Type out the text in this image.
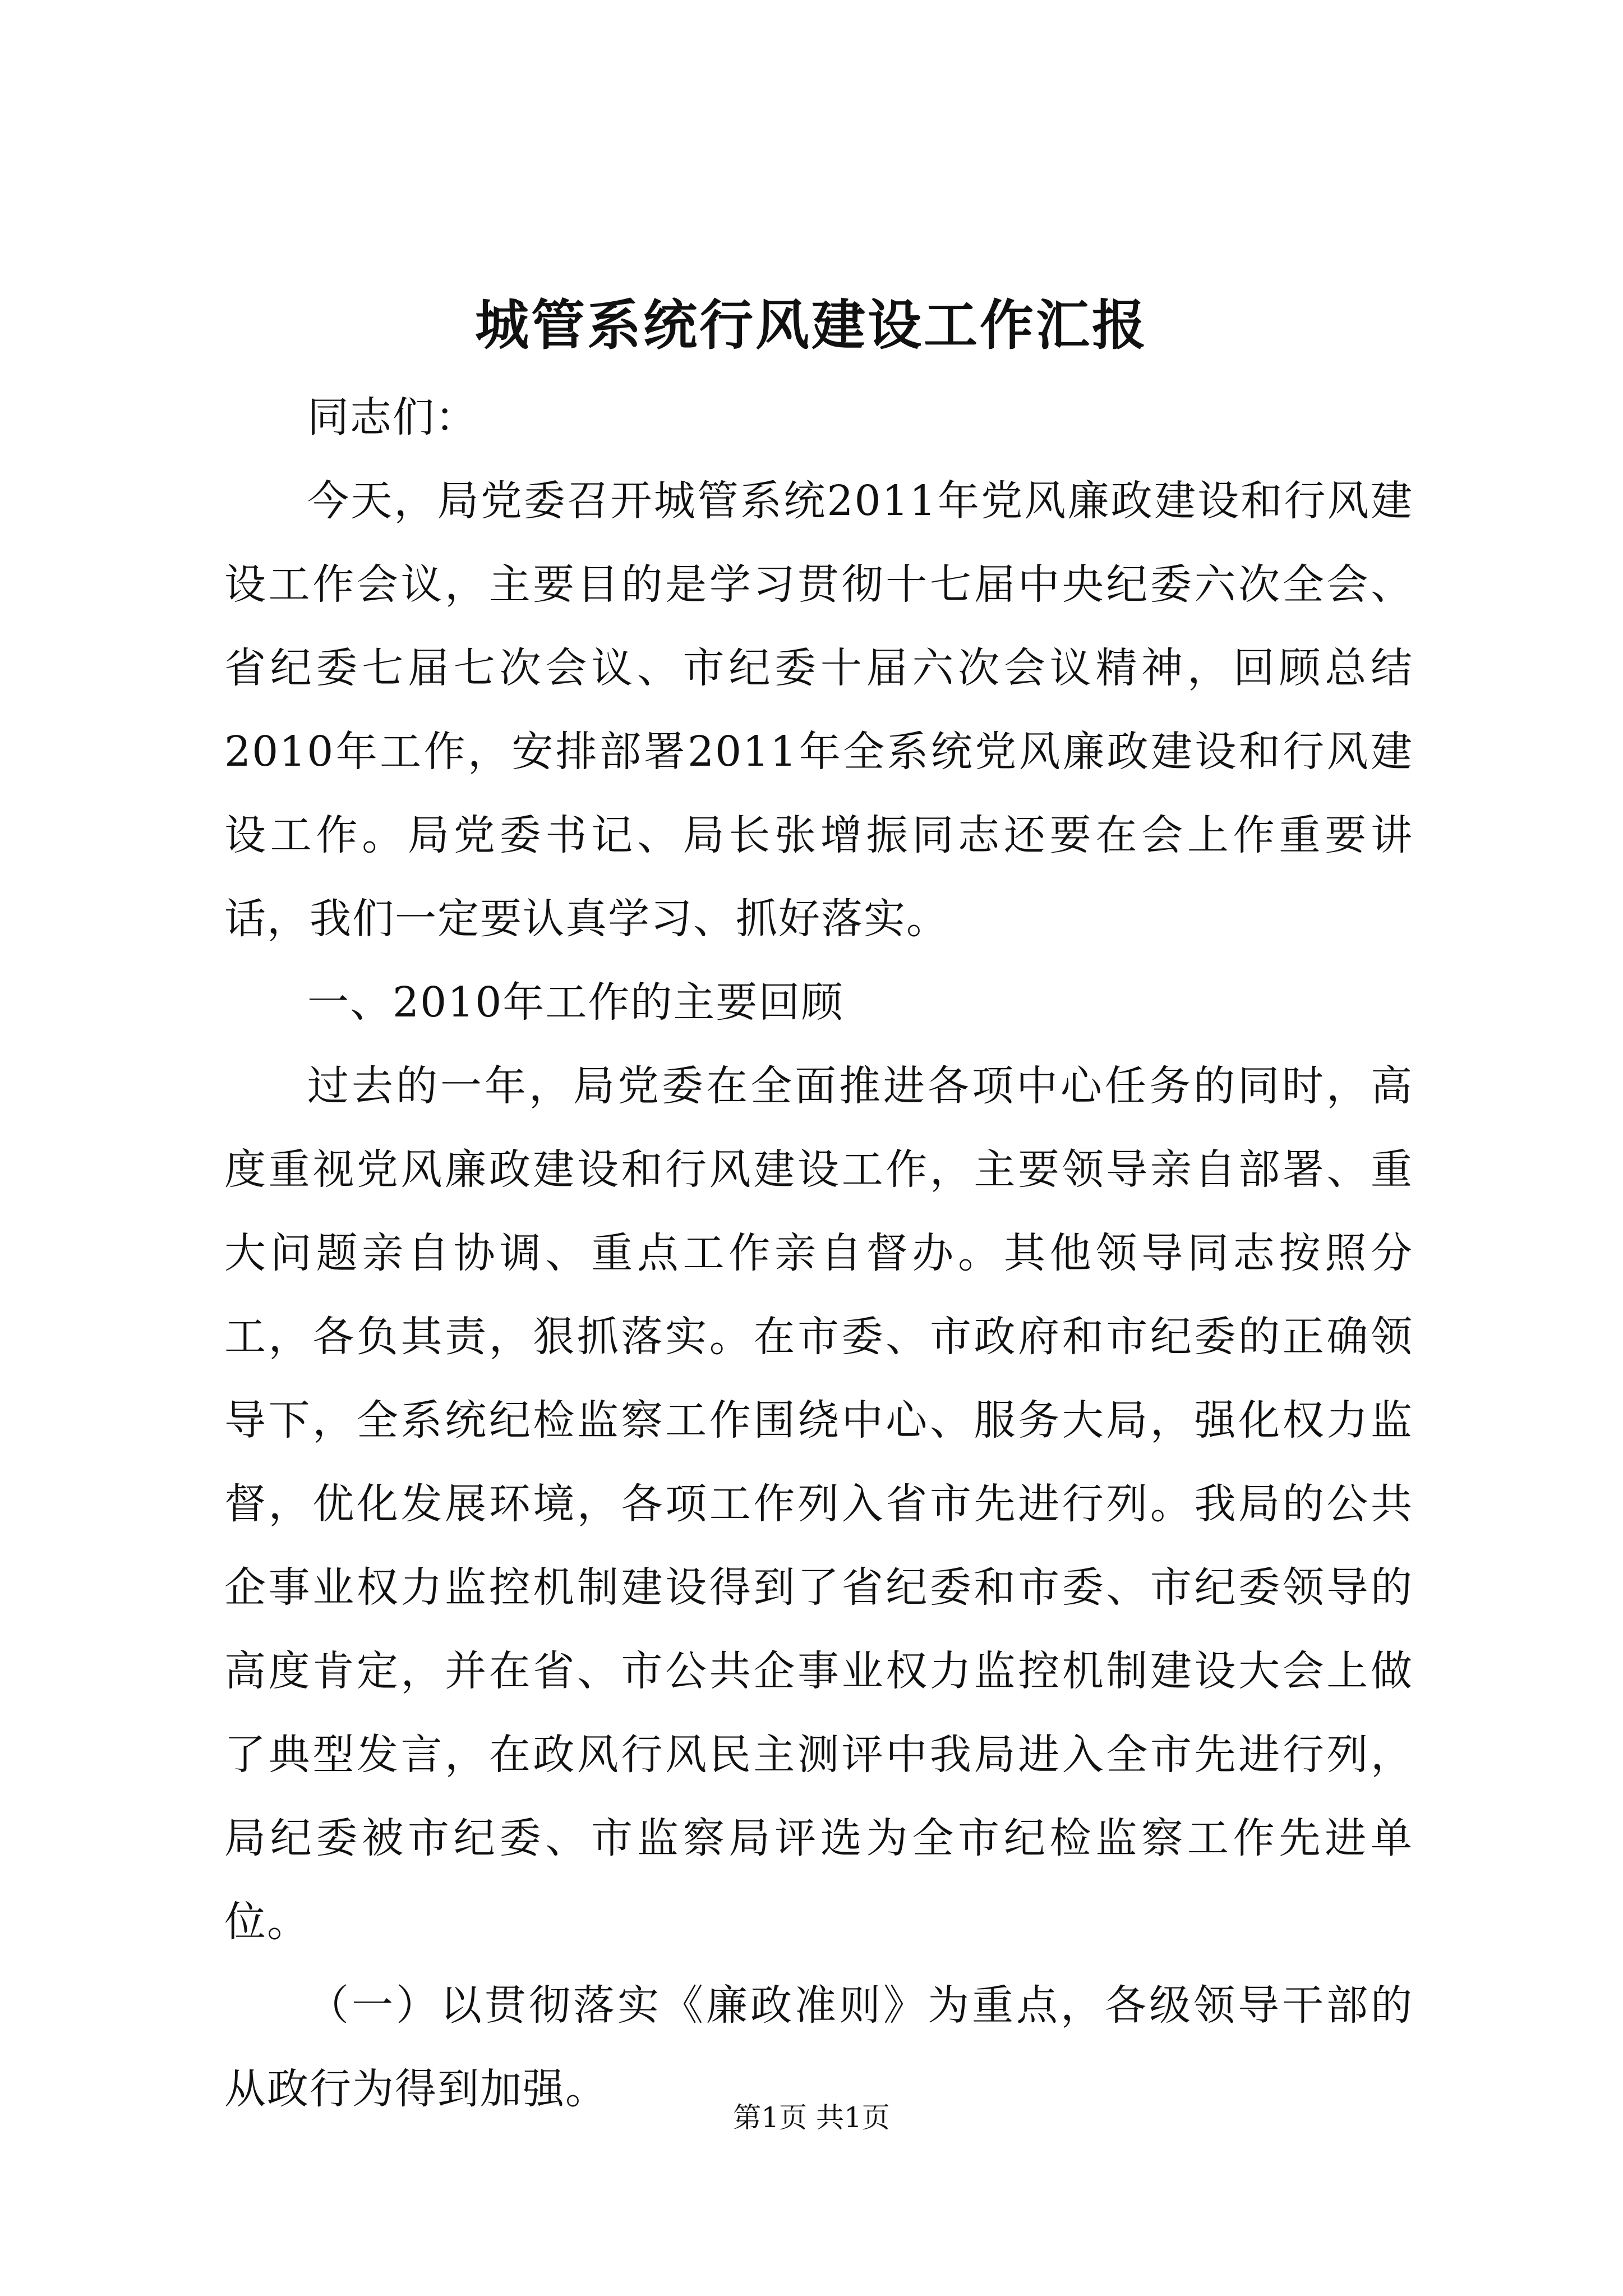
城管系统行风建设工作汇报

同志们：

今天，局党委召开城管系统2011年党风廉政建设和行风建设工作会议，主要目的是学习贯彻十七届中央纪委六次全会、省纪委七届七次会议、市纪委十届六次会议精神，回顾总结2010年工作，安排部署2011年全系统党风廉政建设和行风建设工作。局党委书记、局长张增振同志还要在会上作重要讲话，我们一定要认真学习、抓好落实。

一、2010年工作的主要回顾

过去的一年，局党委在全面推进各项中心任务的同时，高度重视党风廉政建设和行风建设工作，主要领导亲自部署、重大问题亲自协调、重点工作亲自督办。其他领导同志按照分工，各负其责，狠抓落实。在市委、市政府和市纪委的正确领导下，全系统纪检监察工作围绕中心、服务大局，强化权力监督，优化发展环境，各项工作列入省市先进行列。我局的公共企事业权力监控机制建设得到了省纪委和市委、市纪委领导的高度肯定，并在省、市公共企事业权力监控机制建设大会上做了典型发言，在政风行风民主测评中我局进入全市先进行列，局纪委被市纪委、市监察局评选为全市纪检监察工作先进单位。

（一）以贯彻落实《廉政准则》为重点，各级领导干部的从政行为得到加强。

第1页 共1页
